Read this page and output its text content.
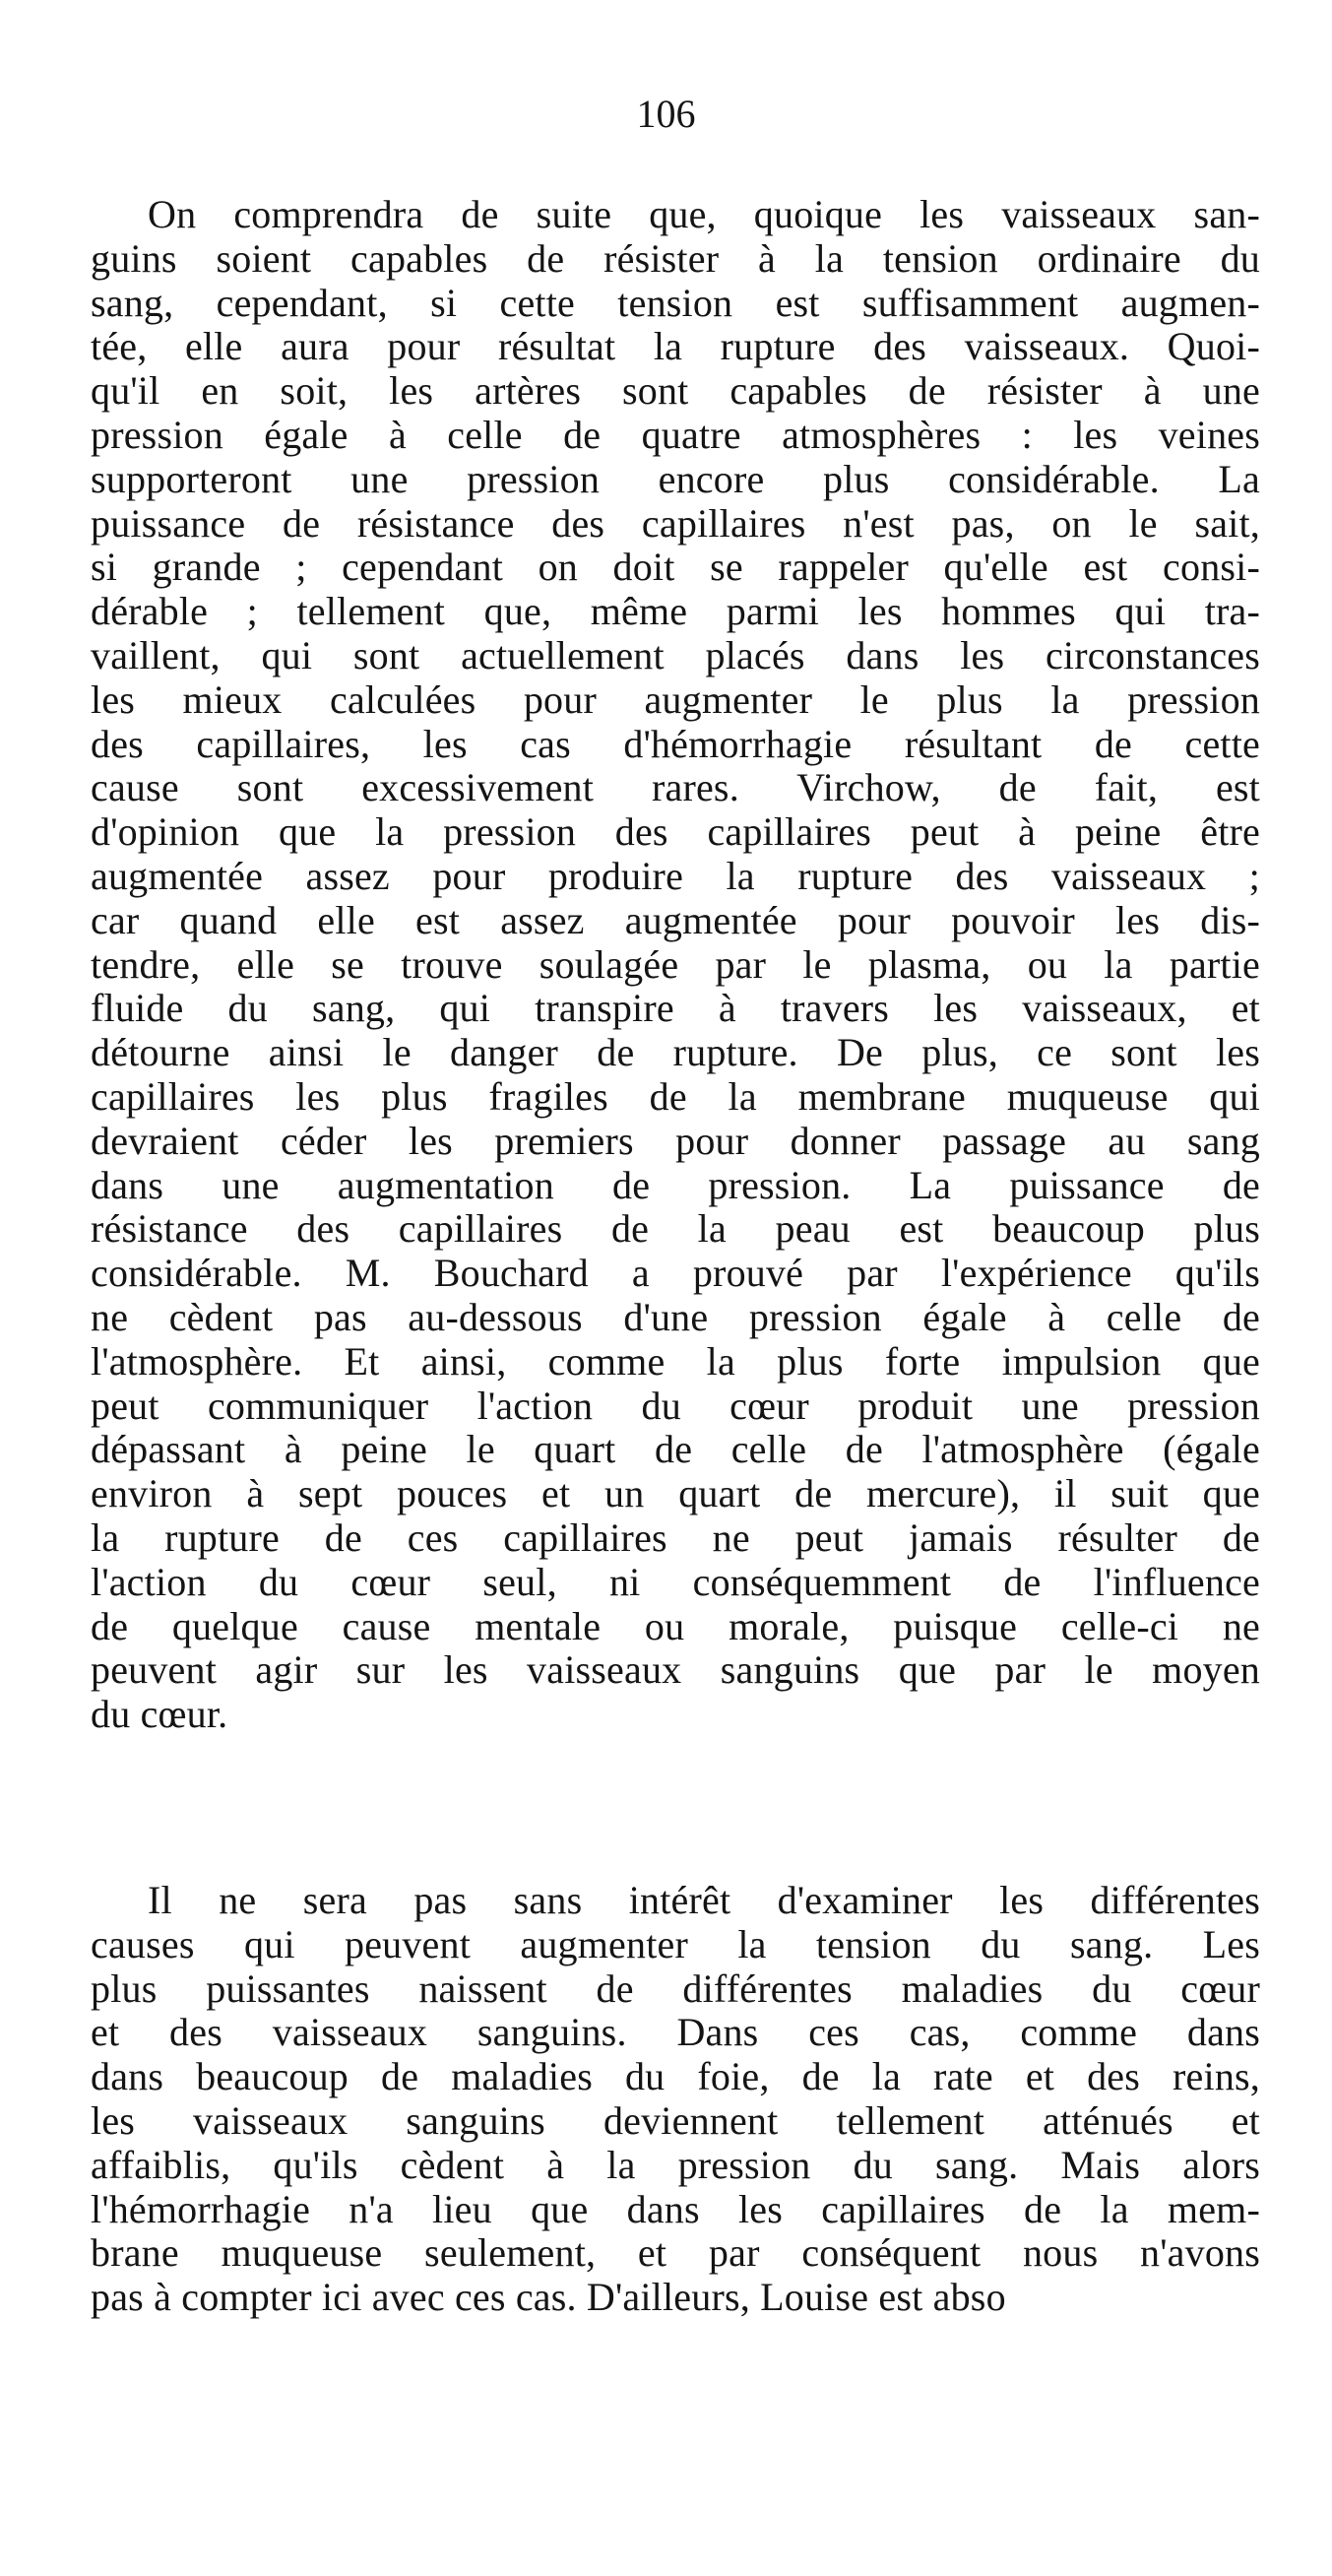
106
On comprendra de suite que, quoique les vaisseaux san-
guins soient capables de résister à la tension ordinaire du
sang, cependant, si cette tension est suffisamment augmen-
tée, elle aura pour résultat la rupture des vaisseaux. Quoi-
qu'il en soit, les artères sont capables de résister à une
pression égale à celle de quatre atmosphères : les veines
supporteront une pression encore plus considérable. La
puissance de résistance des capillaires n'est pas, on le sait,
si grande ; cependant on doit se rappeler qu'elle est consi-
dérable ; tellement que, même parmi les hommes qui tra-
vaillent, qui sont actuellement placés dans les circonstances
les mieux calculées pour augmenter le plus la pression
des capillaires, les cas d'hémorrhagie résultant de cette
cause sont excessivement rares. Virchow, de fait, est
d'opinion que la pression des capillaires peut à peine être
augmentée assez pour produire la rupture des vaisseaux ;
car quand elle est assez augmentée pour pouvoir les dis-
tendre, elle se trouve soulagée par le plasma, ou la partie
fluide du sang, qui transpire à travers les vaisseaux, et
détourne ainsi le danger de rupture. De plus, ce sont les
capillaires les plus fragiles de la membrane muqueuse qui
devraient céder les premiers pour donner passage au sang
dans une augmentation de pression. La puissance de
résistance des capillaires de la peau est beaucoup plus
considérable. M. Bouchard a prouvé par l'expérience qu'ils
ne cèdent pas au-dessous d'une pression égale à celle de
l'atmosphère. Et ainsi, comme la plus forte impulsion que
peut communiquer l'action du cœur produit une pression
dépassant à peine le quart de celle de l'atmosphère (égale
environ à sept pouces et un quart de mercure), il suit que
la rupture de ces capillaires ne peut jamais résulter de
l'action du cœur seul, ni conséquemment de l'influence
de quelque cause mentale ou morale, puisque celle-ci ne
peuvent agir sur les vaisseaux sanguins que par le moyen
du cœur.
Il ne sera pas sans intérêt d'examiner les différentes
causes qui peuvent augmenter la tension du sang. Les
plus puissantes naissent de différentes maladies du cœur
et des vaisseaux sanguins. Dans ces cas, comme dans
dans beaucoup de maladies du foie, de la rate et des reins,
les vaisseaux sanguins deviennent tellement atténués et
affaiblis, qu'ils cèdent à la pression du sang. Mais alors
l'hémorrhagie n'a lieu que dans les capillaires de la mem-
brane muqueuse seulement, et par conséquent nous n'avons
pas à compter ici avec ces cas. D'ailleurs, Louise est abso
